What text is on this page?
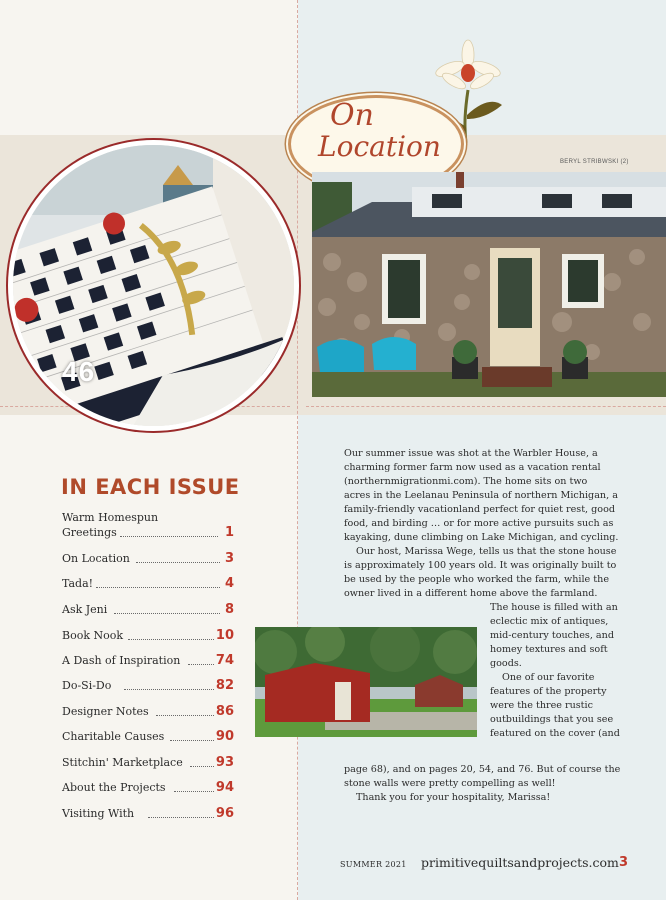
46
On
Location	BERYL STRIBWSKI (2)
IN EACH ISSUE
Warm Homespun
Greetings	1
On Location	3
Tada!	4
Ask Jeni	8
Book Nook	10
A Dash of Inspiration	74
Do-Si-Do	82
Designer Notes	86
Charitable Causes	90
Stitchin' Marketplace	93
About the Projects	94
Visiting With	96
Our summer issue was shot at the Warbler House, a
charming former farm now used as a vacation rental
(northernmigrationmi.com). The home sits on two
acres in the Leelanau Peninsula of northern Michigan, a
family-friendly vacationland perfect for quiet rest, good
food, and birding … or for more active pursuits such as
kayaking, dune climbing on Lake Michigan, and cycling.
Our host, Marissa Wege, tells us that the stone house
is approximately 100 years old. It was originally built to
be used by the people who worked the farm, while the
owner lived in a different home above the farmland.
The house is filled with an
eclectic mix of antiques,
mid-century touches, and
homey textures and soft
goods.
One of our favorite
features of the property
were the three rustic
outbuildings that you see
featured on the cover (and
page 68), and on pages 20, 54, and 76. But of course the
stone walls were pretty compelling as well!
Thank you for your hospitality, Marissa!
SUMMER 2021 primitivequiltsandprojects.com 3
